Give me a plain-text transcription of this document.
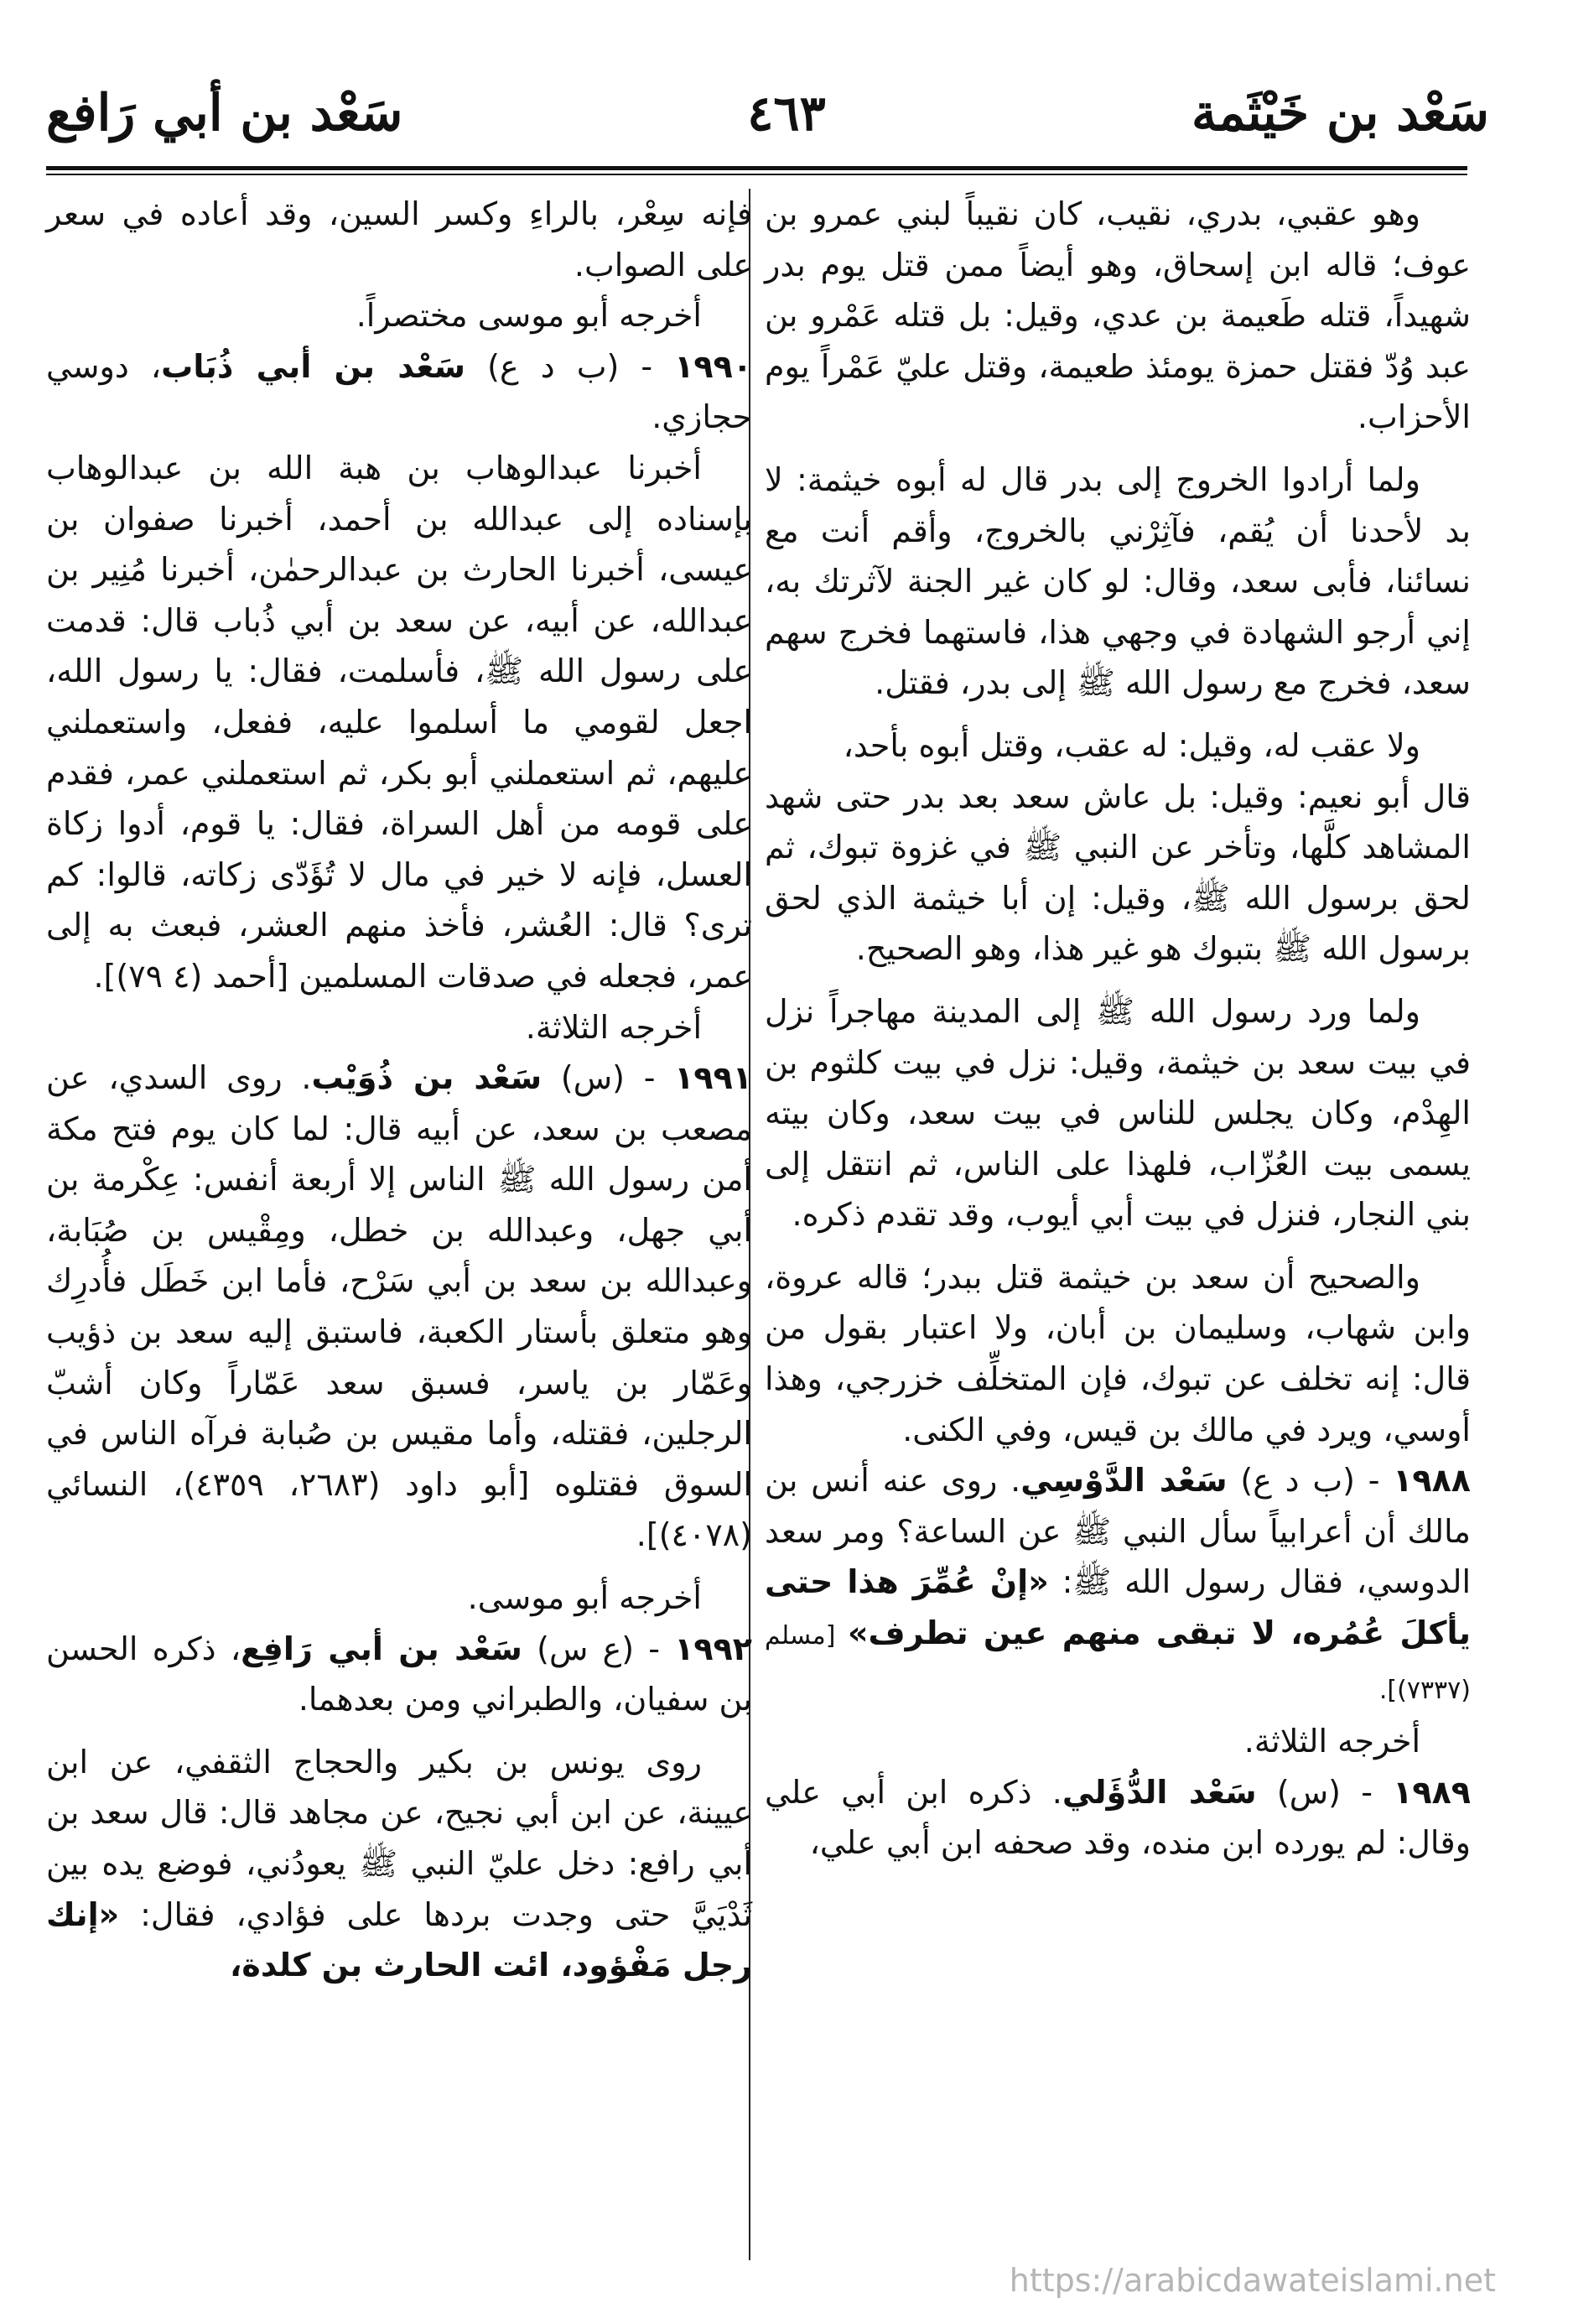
سَعْد بن خَيْثَمة
٤٦٣
سَعْد بن أبي رَافع

وهو عقبي، بدري، نقيب، كان نقيباً لبني عمرو بن عوف؛ قاله ابن إسحاق، وهو أيضاً ممن قتل يوم بدر شهيداً، قتله طَعيمة بن عدي، وقيل: بل قتله عَمْرو بن عبد وُدّ فقتل حمزة يومئذ طعيمة، وقتل عليّ عَمْراً يوم الأحزاب.

ولما أرادوا الخروج إلى بدر قال له أبوه خيثمة: لا بد لأحدنا أن يُقم، فآثِرْني بالخروج، وأقم أنت مع نسائنا، فأبى سعد، وقال: لو كان غير الجنة لآثرتك به، إني أرجو الشهادة في وجهي هذا، فاستهما فخرج سهم سعد، فخرج مع رسول الله ﷺ إلى بدر، فقتل.

ولا عقب له، وقيل: له عقب، وقتل أبوه بأحد،

قال أبو نعيم: وقيل: بل عاش سعد بعد بدر حتى شهد المشاهد كلَّها، وتأخر عن النبي ﷺ في غزوة تبوك، ثم لحق برسول الله ﷺ، وقيل: إن أبا خيثمة الذي لحق برسول الله ﷺ بتبوك هو غير هذا، وهو الصحيح.

ولما ورد رسول الله ﷺ إلى المدينة مهاجراً نزل في بيت سعد بن خيثمة، وقيل: نزل في بيت كلثوم بن الهِدْم، وكان يجلس للناس في بيت سعد، وكان بيته يسمى بيت العُزّاب، فلهذا على الناس، ثم انتقل إلى بني النجار، فنزل في بيت أبي أيوب، وقد تقدم ذكره.

والصحيح أن سعد بن خيثمة قتل ببدر؛ قاله عروة، وابن شهاب، وسليمان بن أبان، ولا اعتبار بقول من قال: إنه تخلف عن تبوك، فإن المتخلِّف خزرجي، وهذا أوسي، ويرد في مالك بن قيس، وفي الكنى.

١٩٨٨ - (ب د ع) سَعْد الدَّوْسِي. روى عنه أنس بن مالك أن أعرابياً سأل النبي ﷺ عن الساعة؟ ومر سعد الدوسي، فقال رسول الله ﷺ: «إنْ عُمِّرَ هذا حتى يأكلَ عُمُره، لا تبقى منهم عين تطرف» [مسلم (٧٣٣٧)].

أخرجه الثلاثة.

١٩٨٩ - (س) سَعْد الدُّؤَلي. ذكره ابن أبي علي وقال: لم يورده ابن منده، وقد صحفه ابن أبي علي،

فإنه سِعْر، بالراءِ وكسر السين، وقد أعاده في سعر على الصواب.

أخرجه أبو موسى مختصراً.

١٩٩٠ - (ب د ع) سَعْد بن أبي ذُبَاب، دوسي حجازي.

أخبرنا عبدالوهاب بن هبة الله بن عبدالوهاب بإسناده إلى عبدالله بن أحمد، أخبرنا صفوان بن عيسى، أخبرنا الحارث بن عبدالرحمٰن، أخبرنا مُنِير بن عبدالله، عن أبيه، عن سعد بن أبي ذُباب قال: قدمت على رسول الله ﷺ، فأسلمت، فقال: يا رسول الله، اجعل لقومي ما أسلموا عليه، ففعل، واستعملني عليهم، ثم استعملني أبو بكر، ثم استعملني عمر، فقدم على قومه من أهل السراة، فقال: يا قوم، أدوا زكاة العسل، فإنه لا خير في مال لا تُؤَدّى زكاته، قالوا: كم ترى؟ قال: العُشر، فأخذ منهم العشر، فبعث به إلى عمر، فجعله في صدقات المسلمين [أحمد (٤ ٧٩)].

أخرجه الثلاثة.

١٩٩١ - (س) سَعْد بن ذُوَيْب. روى السدي، عن مصعب بن سعد، عن أبيه قال: لما كان يوم فتح مكة أمن رسول الله ﷺ الناس إلا أربعة أنفس: عِكْرمة بن أبي جهل، وعبدالله بن خطل، ومِقْيس بن صُبَابة، وعبدالله بن سعد بن أبي سَرْح، فأما ابن خَطَل فأُدرِك وهو متعلق بأستار الكعبة، فاستبق إليه سعد بن ذؤيب وعَمّار بن ياسر، فسبق سعد عَمّاراً وكان أشبّ الرجلين، فقتله، وأما مقيس بن صُبابة فرآه الناس في السوق فقتلوه [أبو داود (٢٦٨٣، ٤٣٥٩)، النسائي (٤٠٧٨)].

أخرجه أبو موسى.

١٩٩٢ - (ع س) سَعْد بن أبي رَافِع، ذكره الحسن بن سفيان، والطبراني ومن بعدهما.

روى يونس بن بكير والحجاج الثقفي، عن ابن عيينة، عن ابن أبي نجيح، عن مجاهد قال: قال سعد بن أبي رافع: دخل عليّ النبي ﷺ يعودُني، فوضع يده بين ثَدْيَيَّ حتى وجدت بردها على فؤادي، فقال: «إنك رجل مَفْؤود، ائت الحارث بن كلدة،

https://arabicdawateislami.net
